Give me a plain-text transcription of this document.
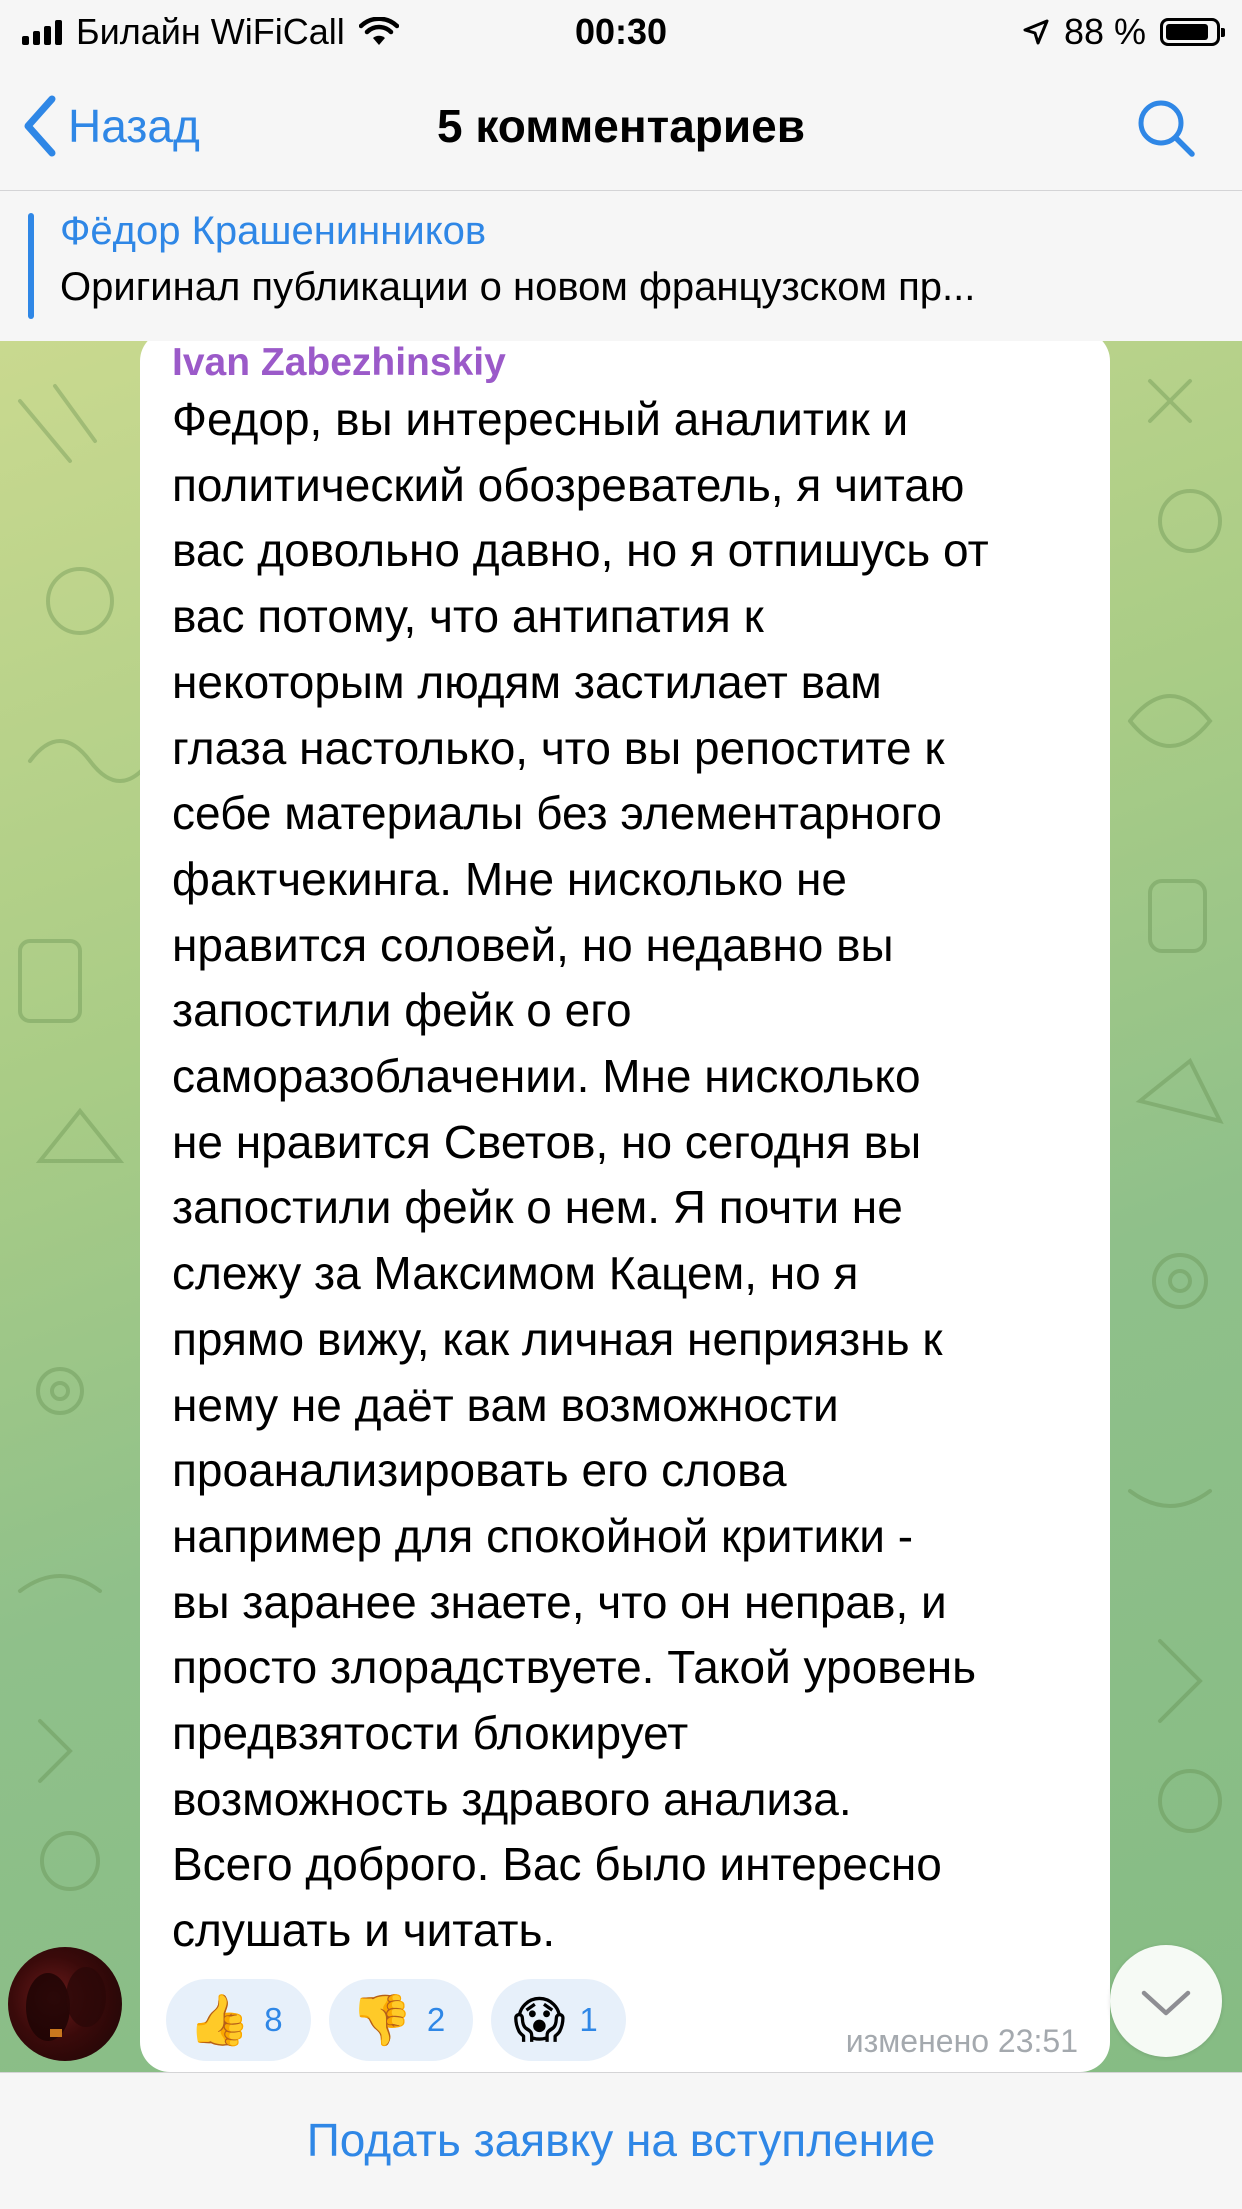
Билайн WiFiCall	00:30	88 %
Назад	5 комментариев
Фёдор Крашенинников
Оригинал публикации о новом французском пр...
Ivan Zabezhinskiy
Федор, вы интересный аналитик и
политический обозреватель, я читаю
вас довольно давно, но я отпишусь от
вас потому, что антипатия к
некоторым людям застилает вам
глаза настолько, что вы репостите к
себе материалы без элементарного
фактчекинга. Мне нисколько не
нравится соловей, но недавно вы
запостили фейк о его
саморазоблачении. Мне нисколько
не нравится Светов, но сегодня вы
запостили фейк о нем. Я почти не
слежу за Максимом Кацем, но я
прямо вижу, как личная неприязнь к
нему не даёт вам возможности
проанализировать его слова
например для спокойной критики -
вы заранее знаете, что он неправ, и
просто злорадствуете. Такой уровень
предвзятости блокирует
возможность здравого анализа.
Всего доброго. Вас было интересно
слушать и читать.
👍 8 👎 2 😱 1
изменено 23:51
Подать заявку на вступление
